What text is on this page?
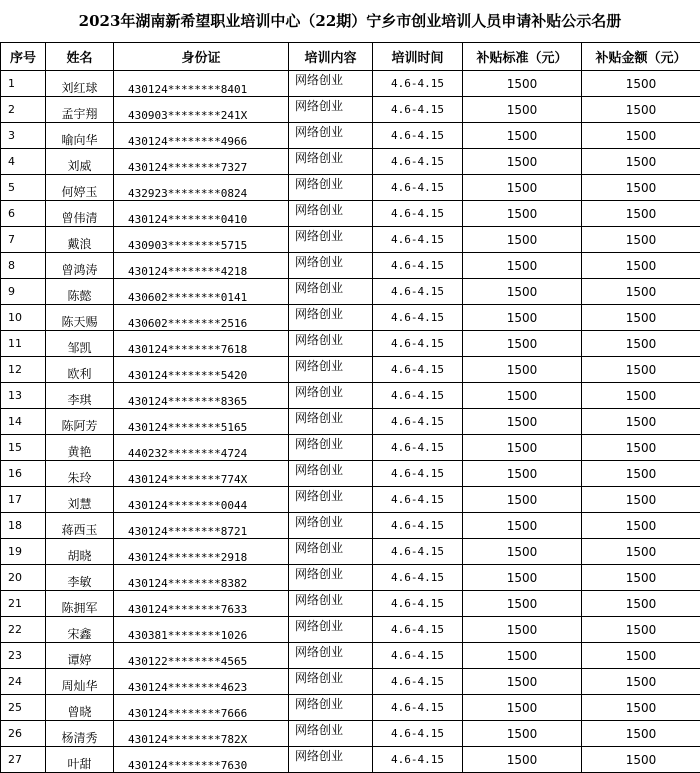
2023年湖南新希望职业培训中心（22期）宁乡市创业培训人员申请补贴公示名册
序号	姓名	身份证	培训内容	培训时间	补贴标准（元）	补贴金额（元）
1	刘红球	430124********8401	网络创业	4.6-4.15	1500	1500
2	孟宇翔	430903********241X	网络创业	4.6-4.15	1500	1500
3	喻向华	430124********4966	网络创业	4.6-4.15	1500	1500
4	刘威	430124********7327	网络创业	4.6-4.15	1500	1500
5	何婷玉	432923********0824	网络创业	4.6-4.15	1500	1500
6	曾伟清	430124********0410	网络创业	4.6-4.15	1500	1500
7	戴浪	430903********5715	网络创业	4.6-4.15	1500	1500
8	曾鸿涛	430124********4218	网络创业	4.6-4.15	1500	1500
9	陈懿	430602********0141	网络创业	4.6-4.15	1500	1500
10	陈天赐	430602********2516	网络创业	4.6-4.15	1500	1500
11	邹凯	430124********7618	网络创业	4.6-4.15	1500	1500
12	欧利	430124********5420	网络创业	4.6-4.15	1500	1500
13	李琪	430124********8365	网络创业	4.6-4.15	1500	1500
14	陈阿芳	430124********5165	网络创业	4.6-4.15	1500	1500
15	黄艳	440232********4724	网络创业	4.6-4.15	1500	1500
16	朱玲	430124********774X	网络创业	4.6-4.15	1500	1500
17	刘慧	430124********0044	网络创业	4.6-4.15	1500	1500
18	蒋西玉	430124********8721	网络创业	4.6-4.15	1500	1500
19	胡晓	430124********2918	网络创业	4.6-4.15	1500	1500
20	李敏	430124********8382	网络创业	4.6-4.15	1500	1500
21	陈拥军	430124********7633	网络创业	4.6-4.15	1500	1500
22	宋鑫	430381********1026	网络创业	4.6-4.15	1500	1500
23	谭婷	430122********4565	网络创业	4.6-4.15	1500	1500
24	周灿华	430124********4623	网络创业	4.6-4.15	1500	1500
25	曾晓	430124********7666	网络创业	4.6-4.15	1500	1500
26	杨清秀	430124********782X	网络创业	4.6-4.15	1500	1500
27	叶甜	430124********7630	网络创业	4.6-4.15	1500	1500
